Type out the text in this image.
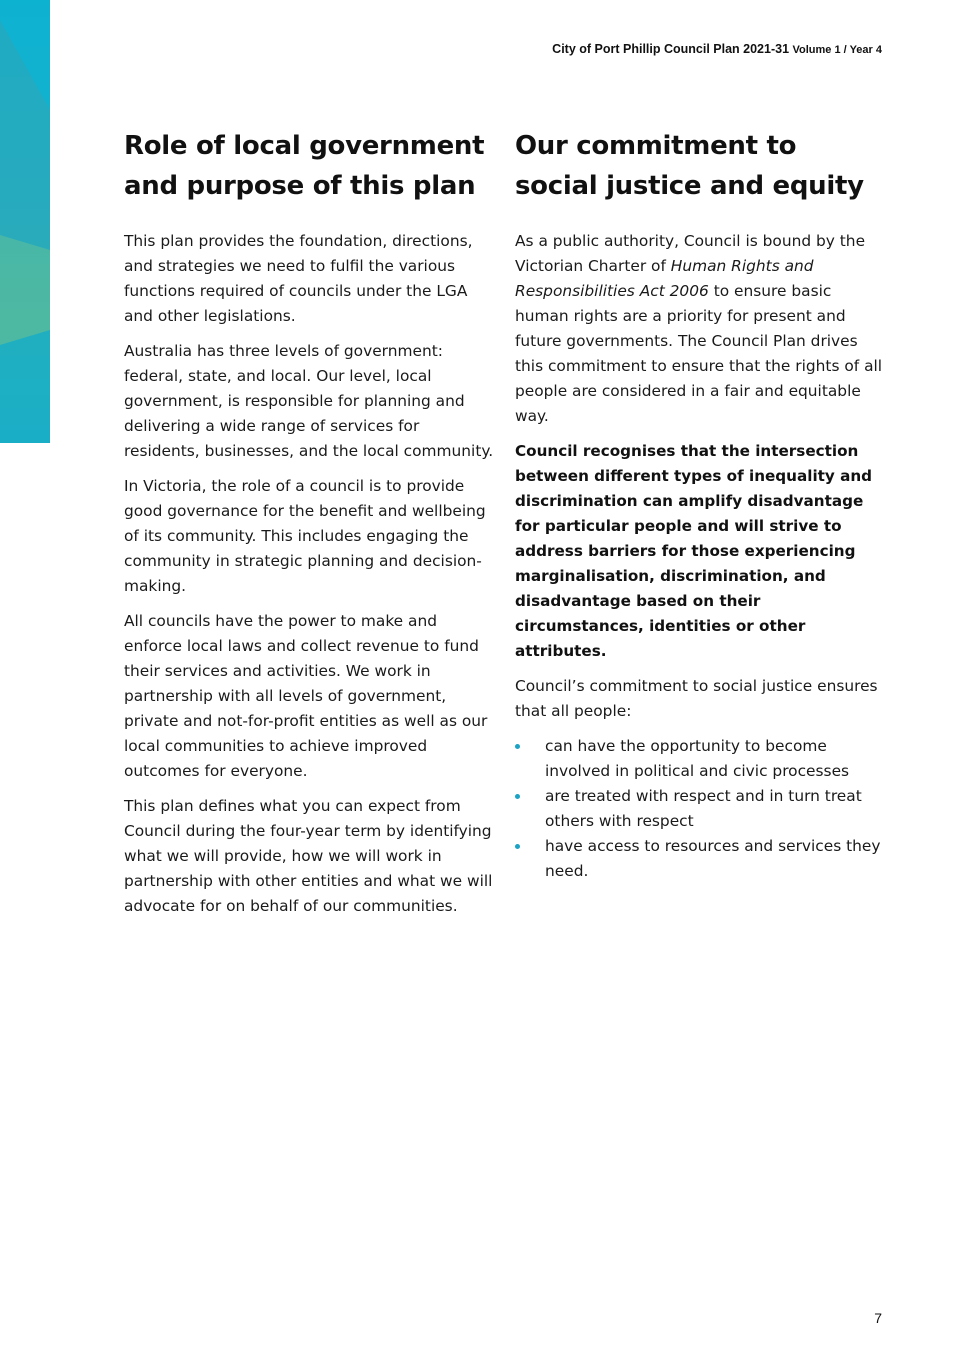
City of Port Phillip Council Plan 2021-31 Volume 1 / Year 4
Role of local government and purpose of this plan

This plan provides the foundation, directions, and strategies we need to fulfil the various functions required of councils under the LGA and other legislations.

Australia has three levels of government: federal, state, and local. Our level, local government, is responsible for planning and delivering a wide range of services for residents, businesses, and the local community.

In Victoria, the role of a council is to provide good governance for the benefit and wellbeing of its community. This includes engaging the community in strategic planning and decision-making.

All councils have the power to make and enforce local laws and collect revenue to fund their services and activities. We work in partnership with all levels of government, private and not-for-profit entities as well as our local communities to achieve improved outcomes for everyone.

This plan defines what you can expect from Council during the four-year term by identifying what we will provide, how we will work in partnership with other entities and what we will advocate for on behalf of our communities.

Our commitment to social justice and equity

As a public authority, Council is bound by the Victorian Charter of Human Rights and Responsibilities Act 2006 to ensure basic human rights are a priority for present and future governments. The Council Plan drives this commitment to ensure that the rights of all people are considered in a fair and equitable way.

Council recognises that the intersection between different types of inequality and discrimination can amplify disadvantage for particular people and will strive to address barriers for those experiencing marginalisation, discrimination, and disadvantage based on their circumstances, identities or other attributes.

Council’s commitment to social justice ensures that all people:

can have the opportunity to become involved in political and civic processes
are treated with respect and in turn treat others with respect
have access to resources and services they need.
7
